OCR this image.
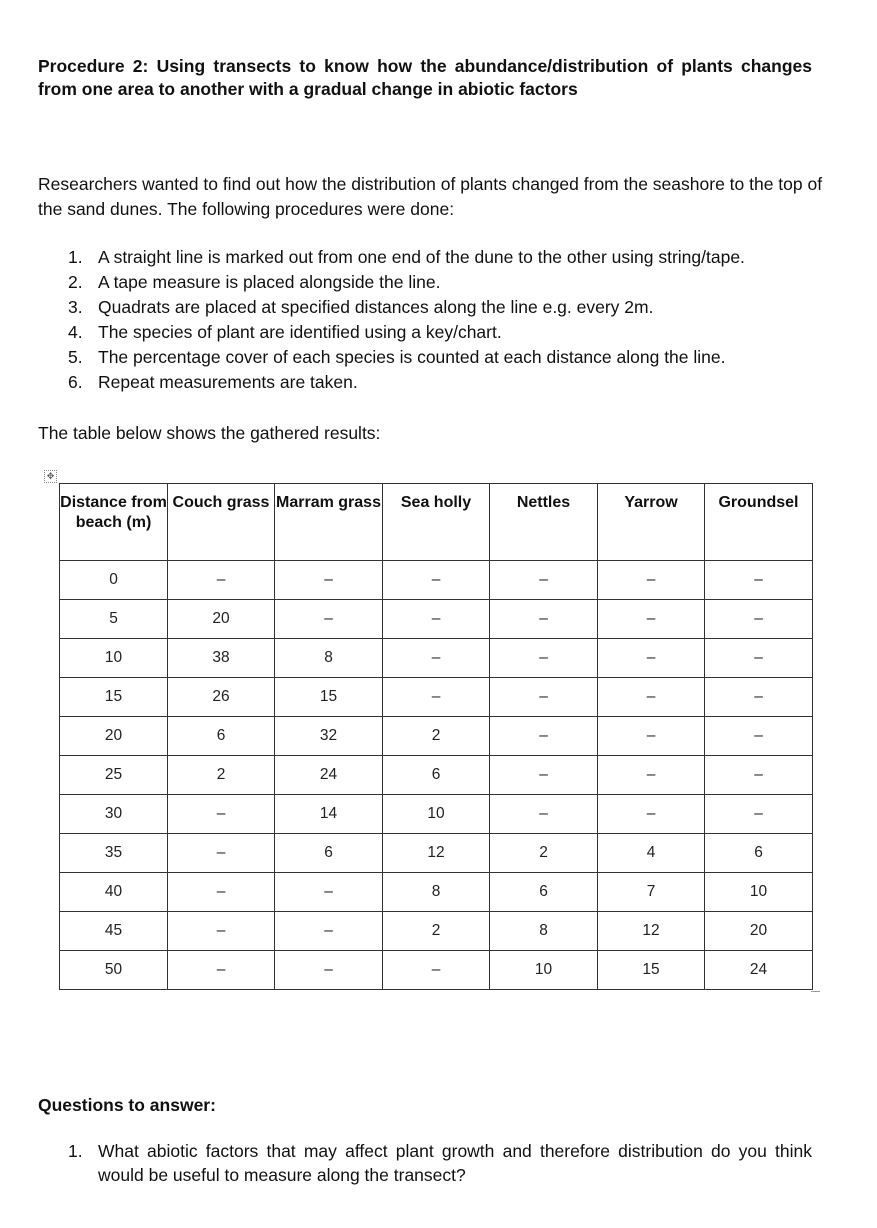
Procedure 2: Using transects to know how the abundance/distribution of plants changes from one area to another with a gradual change in abiotic factors

Researchers wanted to find out how the distribution of plants changed from the seashore to the top of the sand dunes. The following procedures were done:

1. A straight line is marked out from one end of the dune to the other using string/tape.
2. A tape measure is placed alongside the line.
3. Quadrats are placed at specified distances along the line e.g. every 2m.
4. The species of plant are identified using a key/chart.
5. The percentage cover of each species is counted at each distance along the line.
6. Repeat measurements are taken.

The table below shows the gathered results:

✥
Distance from beach (m)	Couch grass	Marram grass	Sea holly	Nettles	Yarrow	Groundsel
0	–	–	–	–	–	–
5	20	–	–	–	–	–
10	38	8	–	–	–	–
15	26	15	–	–	–	–
20	6	32	2	–	–	–
25	2	24	6	–	–	–
30	–	14	10	–	–	–
35	–	6	12	2	4	6
40	–	–	8	6	7	10
45	–	–	2	8	12	20
50	–	–	–	10	15	24

Questions to answer:

1. What abiotic factors that may affect plant growth and therefore distribution do you think would be useful to measure along the transect?
